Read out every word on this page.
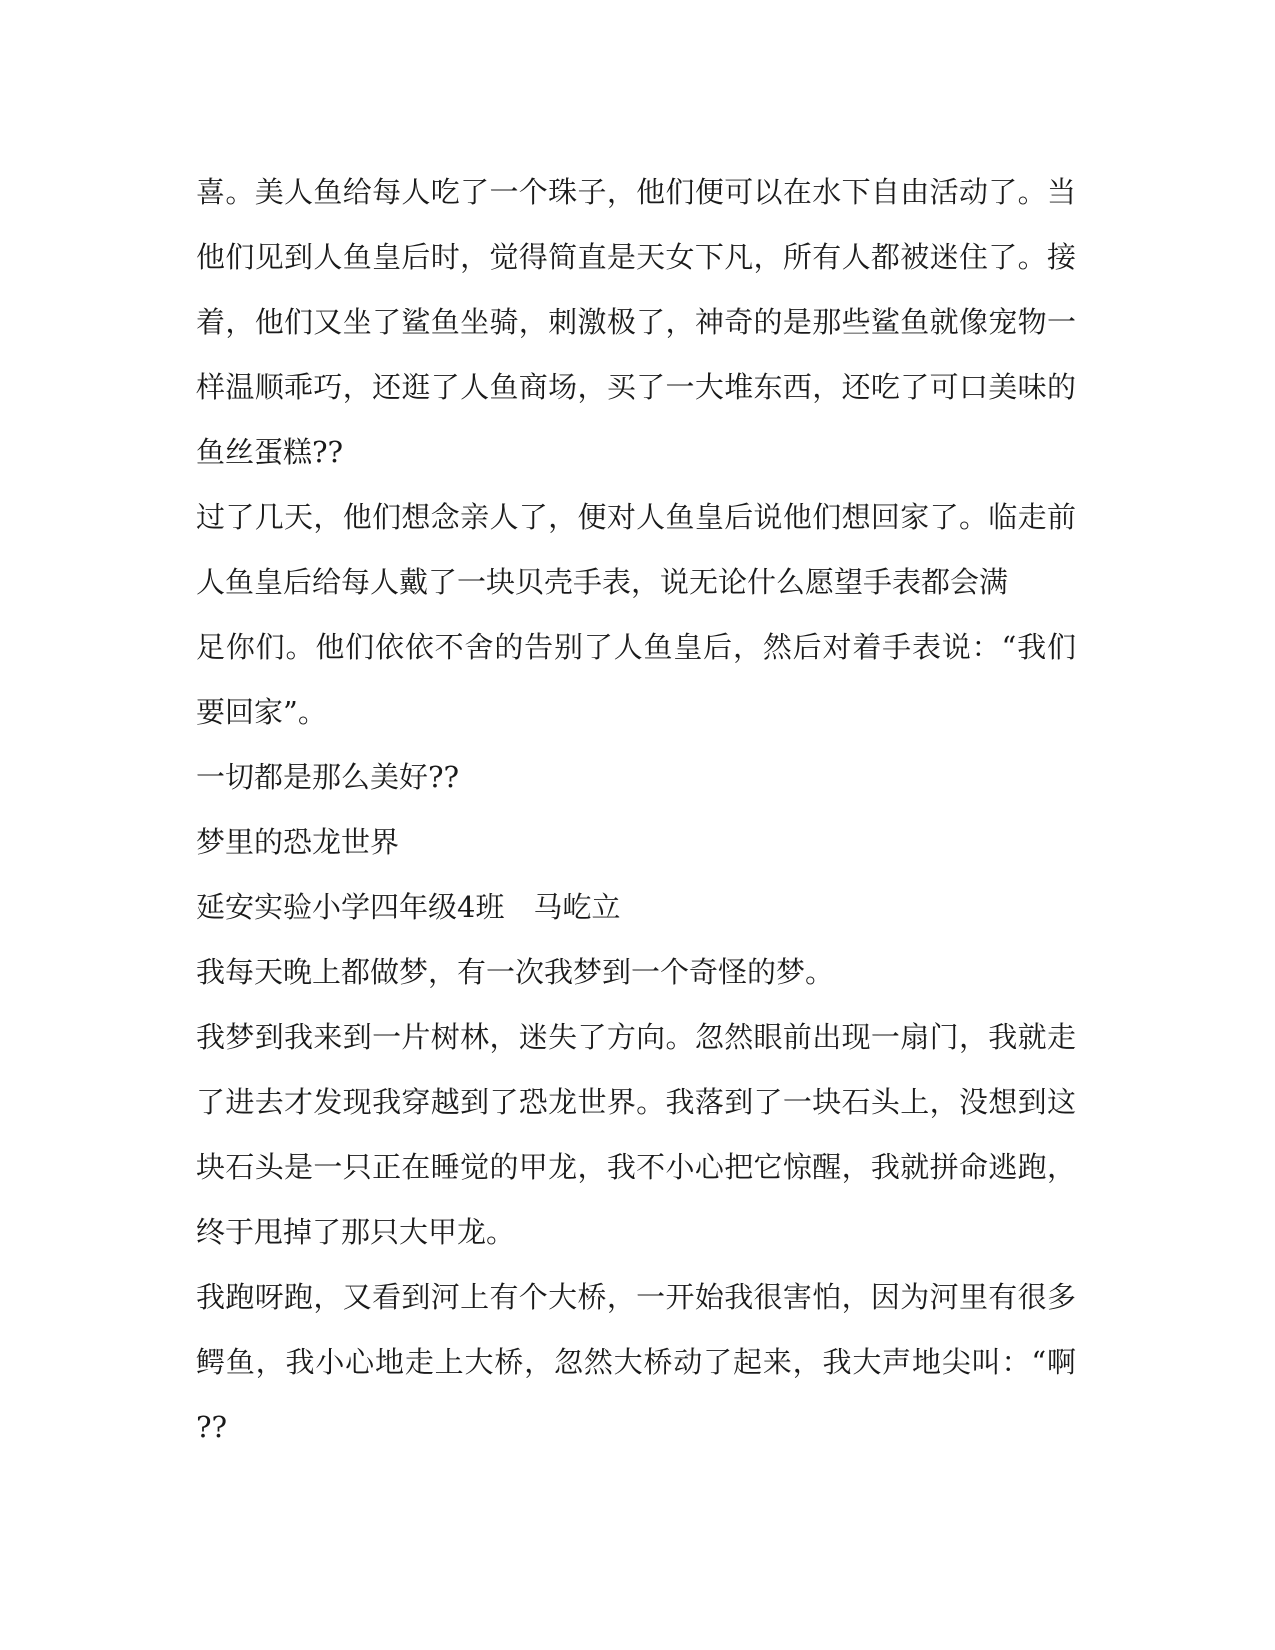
喜。美人鱼给每人吃了一个珠子，他们便可以在水下自由活动了。当
他们见到人鱼皇后时，觉得简直是天女下凡，所有人都被迷住了。接
着，他们又坐了鲨鱼坐骑，刺激极了，神奇的是那些鲨鱼就像宠物一
样温顺乖巧，还逛了人鱼商场，买了一大堆东西，还吃了可口美味的
鱼丝蛋糕??
过了几天，他们想念亲人了，便对人鱼皇后说他们想回家了。临走前
人鱼皇后给每人戴了一块贝壳手表，说无论什么愿望手表都会满
足你们。他们依依不舍的告别了人鱼皇后，然后对着手表说：“我们
要回家”。
一切都是那么美好??
梦里的恐龙世界
延安实验小学四年级4班　马屹立
我每天晚上都做梦，有一次我梦到一个奇怪的梦。
我梦到我来到一片树林，迷失了方向。忽然眼前出现一扇门，我就走
了进去才发现我穿越到了恐龙世界。我落到了一块石头上，没想到这
块石头是一只正在睡觉的甲龙，我不小心把它惊醒，我就拼命逃跑，
终于甩掉了那只大甲龙。
我跑呀跑，又看到河上有个大桥，一开始我很害怕，因为河里有很多
鳄鱼，我小心地走上大桥，忽然大桥动了起来，我大声地尖叫：“啊
??
